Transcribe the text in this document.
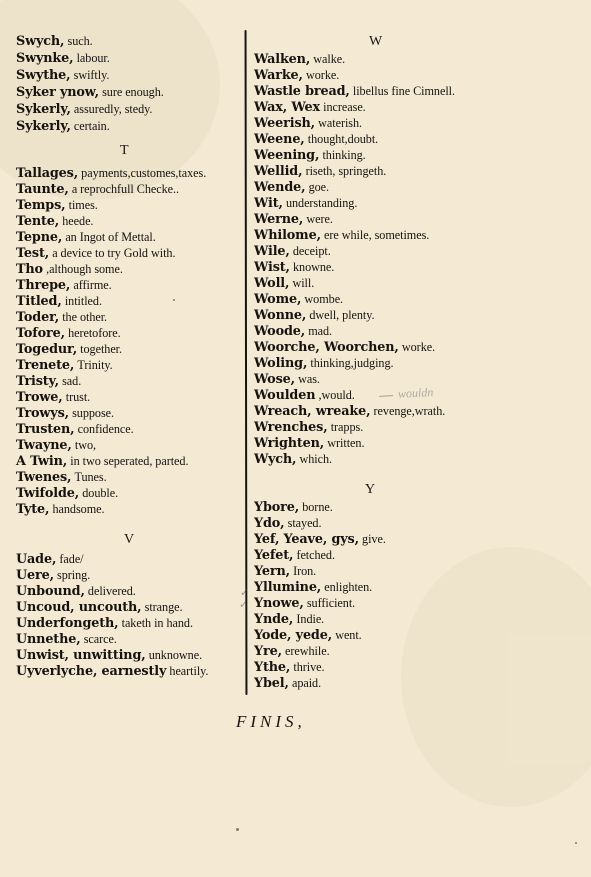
Swych, such.

Swynke, labour.

Swythe, swiftly.

Syker ynow, sure enough.

Sykerly, assuredly, stedy.

Sykerly, certain.

T

Tallages, payments,customes,taxes.

Taunte, a reprochfull Checke..

Temps, times.

Tente, heede.

Tepne, an Ingot of Mettal.

Test, a device to try Gold with.

Tho ,although some.

Threpe, affirme.

Titled, intitled.

Toder, the other.

Tofore, heretofore.

Togedur, together.

Trenete, Trinity.

Tristy, sad.

Trowe, trust.

Trowys, suppose.

Trusten, confidence.

Twayne, two,

A Twin, in two seperated, parted.

Twenes, Tunes.

Twifolde, double.

Tyte, handsome.

V

Uade, fade/

Uere, spring.

Unbound, delivered.

Uncoud, uncouth, strange.

Underfongeth, taketh in hand.

Unnethe, scarce.

Unwist, unwitting, unknowne.

Uyverlyche, earnestly heartily.

W

Walken, walke.

Warke, worke.

Wastle bread, libellus fine Cimnell.

Wax, Wex increase.

Weerish, waterish.

Weene, thought,doubt.

Weening, thinking.

Wellid, riseth, springeth.

Wende, goe.

Wit, understanding.

Werne, were.

Whilome, ere while, sometimes.

Wile, deceipt.

Wist, knowne.

Woll, will.

Wome, wombe.

Wonne, dwell, plenty.

Woode, mad.

Woorche, Woorchen, worke.

Woling, thinking,judging.

Wose, was.

Woulden ,would.

Wreach, wreake, revenge,wrath.

Wrenches, trapps.

Wrighten, written.

Wych, which.

Y

Ybore, borne.

Ydo, stayed.

Yef, Yeave, gys, give.

Yefet, fetched.

Yern, Iron.

Yllumine, enlighten.

Ynowe, sufficient.

Ynde, Indie.

Yode, yede, went.

Yre, erewhile.

Ythe, thrive.

Ybel, apaid.

wouldn
✓
✓
FINIS,
